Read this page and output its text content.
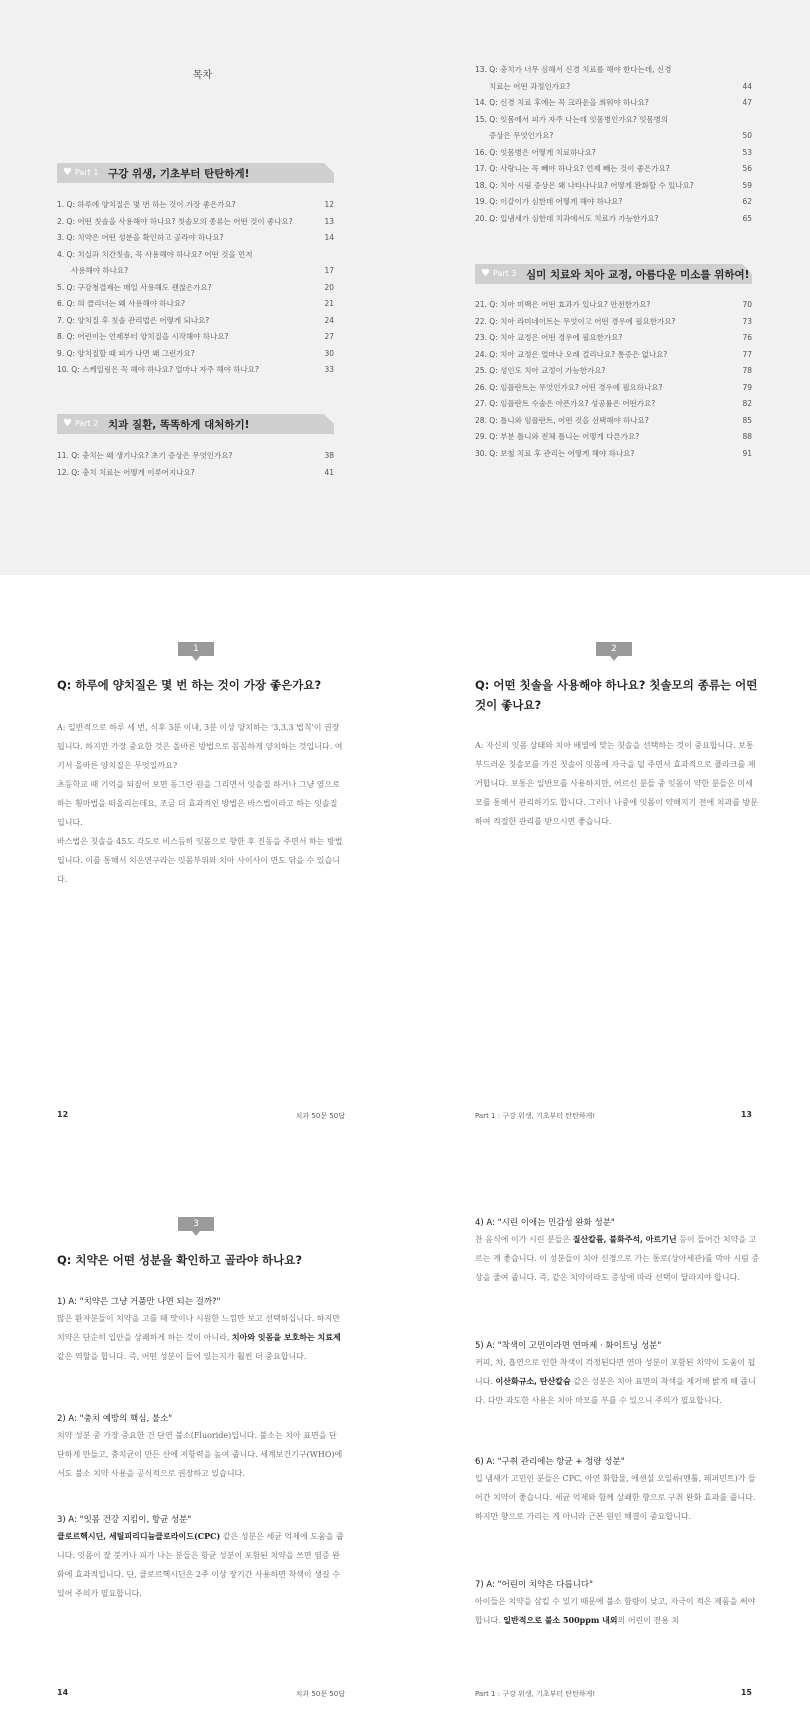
목차
♥ Part 1 구강 위생, 기초부터 탄탄하게!
1. Q: 하루에 양치질은 몇 번 하는 것이 가장 좋은가요?	12
2. Q: 어떤 칫솔을 사용해야 하나요? 칫솔모의 종류는 어떤 것이 좋나요?	13
3. Q: 치약은 어떤 성분을 확인하고 골라야 하나요?	14
4. Q: 치실과 치간칫솔, 꼭 사용해야 하나요? 어떤 것을 먼저
사용해야 하나요?	17
5. Q: 구강청결제는 매일 사용해도 괜찮은가요?	20
6. Q: 혀 클리너는 왜 사용해야 하나요?	21
7. Q: 양치질 후 칫솔 관리법은 어떻게 되나요?	24
8. Q: 어린이는 언제부터 양치질을 시작해야 하나요?	27
9. Q: 양치질할 때 피가 나면 왜 그런가요?	30
10. Q: 스케일링은 꼭 해야 하나요? 얼마나 자주 해야 하나요?	33
♥ Part 2 치과 질환, 똑똑하게 대처하기!
11. Q: 충치는 왜 생기나요? 초기 증상은 무엇인가요?	38
12. Q: 충치 치료는 어떻게 이루어지나요?	41
13. Q: 충치가 너무 심해서 신경 치료를 해야 한다는데, 신경
치료는 어떤 과정인가요?	44
14. Q: 신경 치료 후에는 꼭 크라운을 씌워야 하나요?	47
15. Q: 잇몸에서 피가 자주 나는데 잇몸병인가요? 잇몸병의
증상은 무엇인가요?	50
16. Q: 잇몸병은 어떻게 치료하나요?	53
17. Q: 사랑니는 꼭 빼야 하나요? 언제 빼는 것이 좋은가요?	56
18. Q: 치아 시림 증상은 왜 나타나나요? 어떻게 완화할 수 있나요?	59
19. Q: 이갈이가 심한데 어떻게 해야 하나요?	62
20. Q: 입냄새가 심한데 치과에서도 치료가 가능한가요?	65
♥ Part 3 심미 치료와 치아 교정, 아름다운 미소를 위하여!
21. Q: 치아 미백은 어떤 효과가 있나요? 안전한가요?	70
22. Q: 치아 라미네이트는 무엇이고 어떤 경우에 필요한가요?	73
23. Q: 치아 교정은 어떤 경우에 필요한가요?	76
24. Q: 치아 교정은 얼마나 오래 걸리나요? 통증은 없나요?	77
25. Q: 성인도 치아 교정이 가능한가요?	78
26. Q: 임플란트는 무엇인가요? 어떤 경우에 필요하나요?	79
27. Q: 임플란트 수술은 아픈가요? 성공률은 어떤가요?	82
28. Q: 틀니와 임플란트, 어떤 것을 선택해야 하나요?	85
29. Q: 부분 틀니와 전체 틀니는 어떻게 다른가요?	88
30. Q: 보철 치료 후 관리는 어떻게 해야 하나요?	91
1
Q: 하루에 양치질은 몇 번 하는 것이 가장 좋은가요?

A: 일반적으로 하루 세 번, 식후 3분 이내, 3분 이상 양치하는 '3,3,3 법칙'이 권장됩니다. 하지만 가장 중요한 것은 올바른 방법으로 꼼꼼하게 양치하는 것입니다. 여기서 올바른 양치질은 무엇일까요?

초등학교 때 기억을 되짚어 보면 동그란 원을 그리면서 잇솔질 하거나 그냥 옆으로 하는 횡마법을 떠올리는데요, 조금 더 효과적인 방법은 바스법이라고 하는 잇솔질입니다.

바스법은 칫솔을 45도 각도로 비스듬히 잇몸으로 향한 후 진동을 주면서 하는 방법입니다. 이를 통해서 치은연구라는 잇몸부위와 치아 사이사이 면도 닦을 수 있습니다.

12	치과 50문 50답
2
Q: 어떤 칫솔을 사용해야 하나요? 칫솔모의 종류는 어떤 것이 좋나요?

A: 자신의 잇몸 상태와 치아 배열에 맞는 칫솔을 선택하는 것이 중요합니다. 보통 부드러운 칫솔모를 가진 칫솔이 잇몸에 자극을 덜 주면서 효과적으로 플라크를 제거합니다. 보통은 일반모를 사용하지만, 어르신 분들 중 잇몸이 약한 분들은 미세모를 통해서 관리하기도 합니다. 그러나 나중에 잇몸이 약해지기 전에 치과를 방문하여 적절한 관리를 받으시면 좋습니다.

Part 1 : 구강 위생, 기초부터 탄탄하게!	13
3
Q: 치약은 어떤 성분을 확인하고 골라야 하나요?
1) A: "치약은 그냥 거품만 나면 되는 걸까?"

많은 환자분들이 치약을 고를 때 맛이나 시원한 느낌만 보고 선택하십니다. 하지만 치약은 단순히 입안을 상쾌하게 하는 것이 아니라, 치아와 잇몸을 보호하는 치료제 같은 역할을 합니다. 즉, 어떤 성분이 들어 있는지가 훨씬 더 중요합니다.

2) A: "충치 예방의 핵심, 불소"

치약 성분 중 가장 중요한 건 단연 불소(Fluoride)입니다. 불소는 치아 표면을 단단하게 만들고, 충치균이 만든 산에 저항력을 높여 줍니다. 세계보건기구(WHO)에서도 불소 치약 사용을 공식적으로 권장하고 있습니다.

3) A: "잇몸 건강 지킴이, 항균 성분"

클로르헥시딘, 세틸피리디늄클로라이드(CPC) 같은 성분은 세균 억제에 도움을 줍니다. 잇몸이 잘 붓거나 피가 나는 분들은 항균 성분이 포함된 치약을 쓰면 염증 완화에 효과적입니다. 단, 클로르헥시딘은 2주 이상 장기간 사용하면 착색이 생길 수 있어 주의가 필요합니다.

14	치과 50문 50답
4) A: "시린 이에는 민감성 완화 성분"

찬 음식에 이가 시린 분들은 질산칼륨, 불화주석, 아르기닌 등이 들어간 치약을 고르는 게 좋습니다. 이 성분들이 치아 신경으로 가는 통로(상아세관)를 막아 시림 증상을 줄여 줍니다. 즉, 같은 치약이라도 증상에 따라 선택이 달라지야 합니다.

5) A: "착색이 고민이라면 연마제 · 화이트닝 성분"

커피, 차, 흡연으로 인한 착색이 걱정된다면 연마 성분이 포함된 치약이 도움이 됩니다. 이산화규소, 탄산칼슘 같은 성분은 치아 표면의 착색을 제거해 밝게 해 줍니다. 다만 과도한 사용은 치아 마모를 부를 수 있으니 주의가 필요합니다.

6) A: "구취 관리에는 항균 + 청량 성분"

입 냄새가 고민인 분들은 CPC, 아연 화합물, 에센셜 오일류(멘톨, 페퍼민트)가 들어간 치약이 좋습니다. 세균 억제와 함께 상쾌한 향으로 구취 완화 효과를 줍니다. 하지만 향으로 가리는 게 아니라 근본 원인 해결이 중요합니다.

7) A: "어린이 치약은 다릅니다"

아이들은 치약을 삼킬 수 있기 때문에 불소 함량이 낮고, 자극이 적은 제품을 써야 합니다. 일반적으로 불소 500ppm 내외의 어린이 전용 치

Part 1 : 구강 위생, 기초부터 탄탄하게!	15
